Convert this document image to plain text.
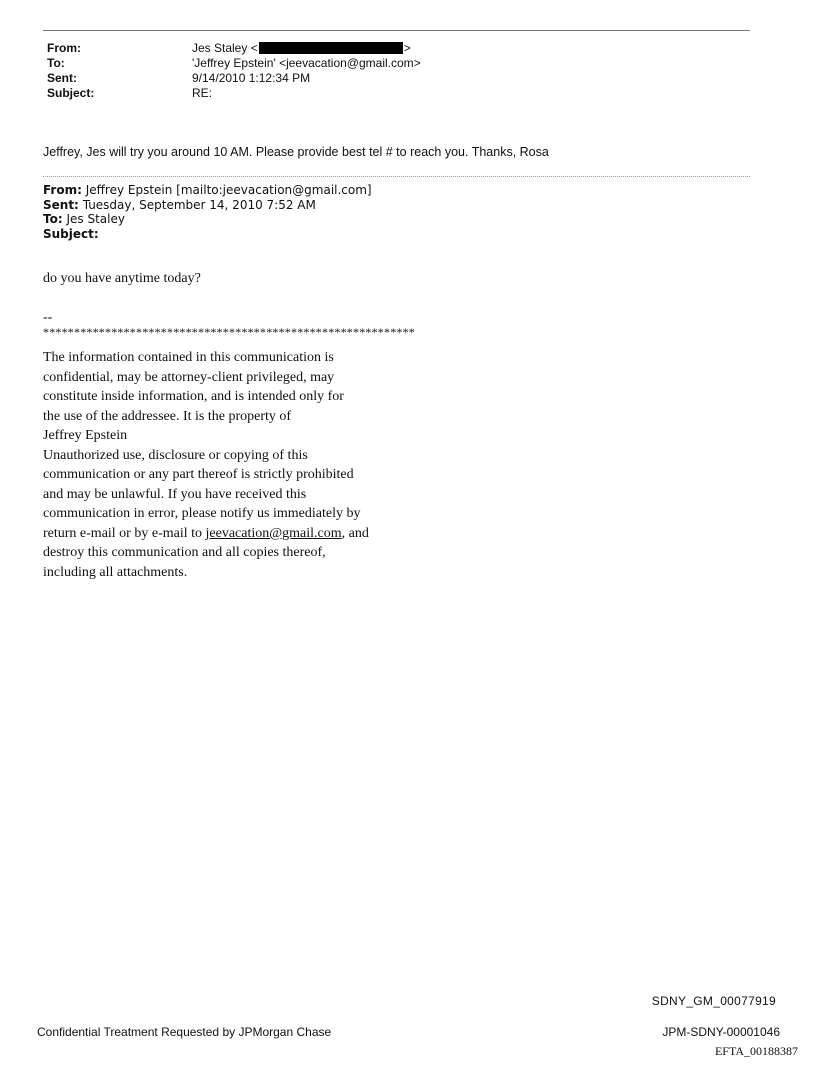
From:	Jes Staley <	>
To:	'Jeffrey Epstein' <jeevacation@gmail.com>
Sent:	9/14/2010 1:12:34 PM
Subject:	RE:
Jeffrey, Jes will try you around 10 AM. Please provide best tel # to reach you. Thanks, Rosa
From: Jeffrey Epstein [mailto:jeevacation@gmail.com]
Sent: Tuesday, September 14, 2010 7:52 AM
To: Jes Staley
Subject:
do you have anytime today?
--
************************************************************
The information contained in this communication is
confidential, may be attorney-client privileged, may
constitute inside information, and is intended only for
the use of the addressee. It is the property of
Jeffrey Epstein
Unauthorized use, disclosure or copying of this
communication or any part thereof is strictly prohibited
and may be unlawful. If you have received this
communication in error, please notify us immediately by
return e-mail or by e-mail to jeevacation@gmail.com, and
destroy this communication and all copies thereof,
including all attachments.
SDNY_GM_00077919
Confidential Treatment Requested by JPMorgan Chase	JPM-SDNY-00001046
EFTA_00188387
